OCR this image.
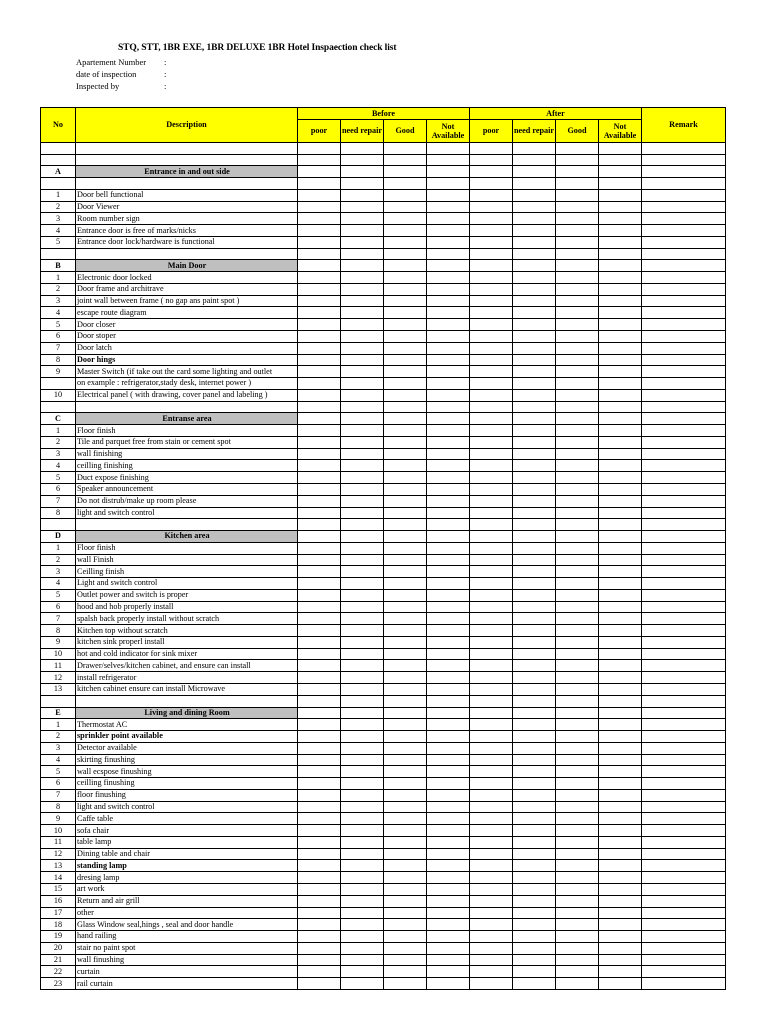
STQ, STT, 1BR EXE, 1BR DELUXE 1BR Hotel Inspaection check list
Apartement Number :
date of inspection	:
Inspected by	:
No	Description	Before				After				Remark
		poor	need repair	Good	Not Available	poor	need repair	Good	Not Available	

A	Entrance in and out side									

1	Door bell functional									
2	Door Viewer									
3	Room number sign									
4	Entrance door is free of marks/nicks									
5	Entrance door lock/hardware is functional									

B	Main Door									
1	Electronic door locked									
2	Door frame and architrave									
3	joint wall between frame ( no gap ans paint spot )									
4	escape route diagram									
5	Door closer									
6	Door stoper									
7	Door latch									
8	Door hings									
9	Master Switch (if take out the card some lighting and outlet									
	on example : refrigerator,stady desk, internet power )									
10	Electrical panel ( with drawing, cover panel and labeling )									

C	Entranse area									
1	Floor finish									
2	Tile and parquet free from stain or cement spot									
3	wall finishing									
4	ceilling finishing									
5	Duct expose finishing									
6	Speaker announcement									
7	Do not distrub/make up room please									
8	light and switch control									

D	Kitchen area									
1	Floor finish									
2	wall Finish									
3	Ceilling finish									
4	Light and switch control									
5	Outlet power and switch is proper									
6	hood and hob properly install									
7	spalsh back properly install without scratch									
8	Kitchen top without scratch									
9	kitchen sink properl install									
10	hot and cold indicator for sink mixer									
11	Drawer/selves/kitchen cabinet, and ensure can install									
12	install refrigerator									
13	kitchen cabinet ensure can install Microwave									

E	Living and dining Room									
1	Thermostat AC									
2	sprinkler point available									
3	Detector available									
4	skirting finushing									
5	wall ecspose finushing									
6	ceilling finushing									
7	floor finushing									
8	light and switch control									
9	Caffe table									
10	sofa chair									
11	table lamp									
12	Dining table and chair									
13	standing lamp									
14	dresing lamp									
15	art work									
16	Return and air grill									
17	other									
18	Glass Window seal,hings , seal and door handle									
19	hand railing									
20	stair no paint spot									
21	wall finushing									
22	curtain									
23	rail curtain									
